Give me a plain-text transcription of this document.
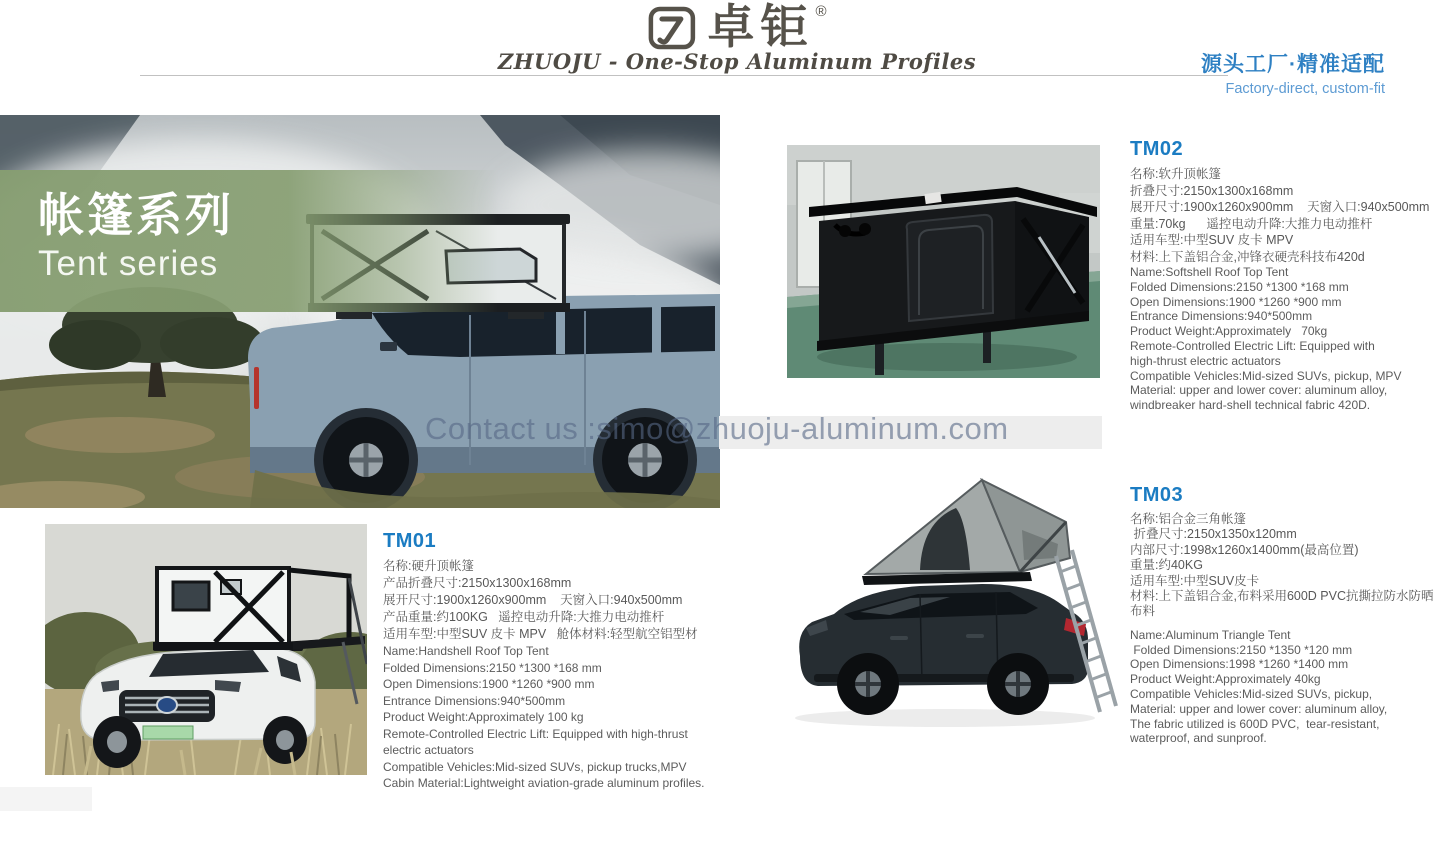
卓钜 ®
ZHUOJU - One-Stop Aluminum Profiles	源头工厂·精准适配
Factory-direct, custom-fit
帐篷系列
Tent series
Contact us :simo@zhuoju-aluminum.com
TM02
名称:软升顶帐篷
折叠尺寸:2150x1300x168mm
展开尺寸:1900x1260x900mm    天窗入口:940x500mm
重量:70kg      遥控电动升降:大推力电动推杆
适用车型:中型SUV 皮卡 MPV
材料:上下盖铝合金,冲锋衣硬壳科技布420d
Name:Softshell Roof Top Tent
Folded Dimensions:2150 *1300 *168 mm
Open Dimensions:1900 *1260 *900 mm
Entrance Dimensions:940*500mm
Product Weight:Approximately   70kg
Remote-Controlled Electric Lift: Equipped with
high-thrust electric actuators
Compatible Vehicles:Mid-sized SUVs, pickup, MPV
Material: upper and lower cover: aluminum alloy,
windbreaker hard-shell technical fabric 420D.
TM01
名称:硬升顶帐篷
产品折叠尺寸:2150x1300x168mm
展开尺寸:1900x1260x900mm    天窗入口:940x500mm
产品重量:约100KG   遥控电动升降:大推力电动推杆
适用车型:中型SUV 皮卡 MPV   舱体材料:轻型航空铝型材
Name:Handshell Roof Top Tent
Folded Dimensions:2150 *1300 *168 mm
Open Dimensions:1900 *1260 *900 mm
Entrance Dimensions:940*500mm
Product Weight:Approximately 100 kg
Remote-Controlled Electric Lift: Equipped with high-thrust
electric actuators
Compatible Vehicles:Mid-sized SUVs, pickup trucks,MPV
Cabin Material:Lightweight aviation-grade aluminum profiles.
TM03
名称:铝合金三角帐篷
折叠尺寸:2150x1350x120mm
内部尺寸:1998x1260x1400mm(最高位置)
重量:约40KG
适用车型:中型SUV皮卡
材料:上下盖铝合金,布料采用600D PVC抗撕拉防水防晒
布料
Name:Aluminum Triangle Tent
Folded Dimensions:2150 *1350 *120 mm
Open Dimensions:1998 *1260 *1400 mm
Product Weight:Approximately 40kg
Compatible Vehicles:Mid-sized SUVs, pickup,
Material: upper and lower cover: aluminum alloy,
The fabric utilized is 600D PVC,  tear-resistant,
waterproof, and sunproof.
